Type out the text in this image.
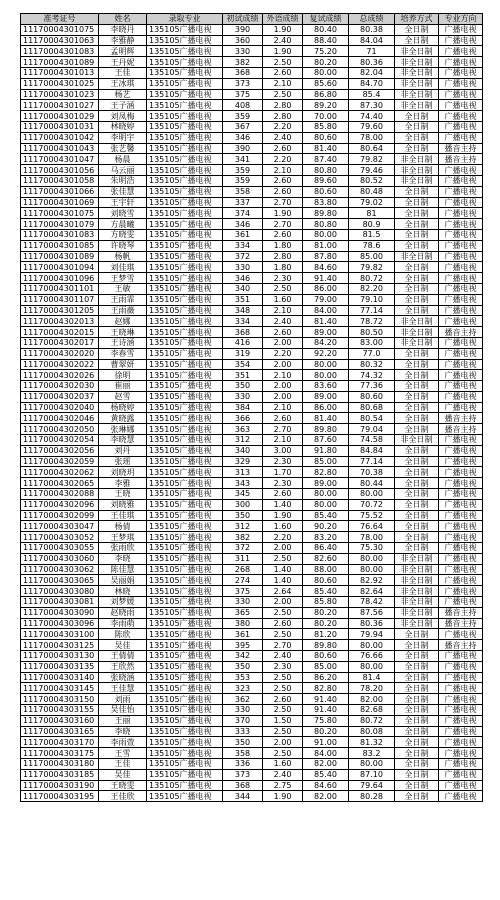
准考证号	姓名	录取专业	初试成绩	外语成绩	复试成绩	总成绩	培养方式	专业方向
11170004301075	李晓丹	135105广播电视	390	1.90	80.40	80.38	全日制	广播电视
11170004301063	李雅静	135105广播电视	360	2.40	88.40	84.04	全日制	广播电视
11170004301083	孟明辉	135105广播电视	330	1.90	75.20	71	非全日制	广播电视
11170004301089	王丹妮	135105广播电视	382	2.50	80.20	80.36	非全日制	广播电视
11170004301013	王佳	135105广播电视	368	2.60	80.00	82.04	非全日制	广播电视
11170004301025	王冰琪	135105广播电视	373	2.10	85.60	84.70	非全日制	广播电视
11170004301023	杨艺	135105广播电视	375	2.50	86.80	85.4	非全日制	广播电视
11170004301027	王子涵	135105广播电视	408	2.80	89.20	87.30	非全日制	广播电视
11170004301029	刘凤梅	135105广播电视	359	2.80	70.00	74.40	全日制	广播电视
11170004301031	林晓婷	135105广播电视	367	2.20	85.80	79.60	全日制	广播电视
11170004301042	李明宇	135105广播电视	346	2.40	80.60	78.00	全日制	广播电视
11170004301043	张艺馨	135105广播电视	390	2.60	81.40	80.64	全日制	播音主持
11170004301047	杨晨	135105广播电视	341	2.20	87.40	79.82	非全日制	播音主持
11170004301056	马云丽	135105广播电视	359	2.10	80.80	79.46	非全日制	广播电视
11170004301058	朱明浩	135105广播电视	359	2.60	89.60	80.52	非全日制	广播电视
11170004301066	张佳慧	135105广播电视	358	2.60	80.60	80.48	全日制	广播电视
11170004301069	王宇轩	135105广播电视	337	2.70	83.80	79.02	全日制	广播电视
11170004301075	刘晓雪	135105广播电视	374	1.90	89.80	81	全日制	广播电视
11170004301079	方晨曦	135105广播电视	346	2.70	80.80	80.9	全日制	广播电视
11170004301083	方晓雯	135105广播电视	361	2.60	80.00	81.5	全日制	广播电视
11170004301085	许晓琴	135105广播电视	334	1.80	81.00	78.6	全日制	广播电视
11170004301089	杨帆	135105广播电视	372	2.80	87.80	85.00	非全日制	广播电视
11170004301094	刘佳琪	135105广播电视	330	1.80	84.60	79.82	全日制	广播电视
11170004301096	王梦雪	135105广播电视	346	2.30	91.40	80.72	全日制	广播电视
11170004301101	王敏	135105广播电视	340	2.50	86.00	82.20	全日制	广播电视
11170004301107	王雨霏	135105广播电视	351	1.60	79.00	79.10	全日制	广播电视
11170004301205	王雨薇	135105广播电视	348	2.10	84.00	77.14	全日制	广播电视
11170004302013	赵娜	135105广播电视	334	2.40	81.40	78.72	非全日制	广播电视
11170004302015	王晓琳	135105广播电视	368	2.60	89.00	80.50	非全日制	播音主持
11170004302017	王诗涵	135105广播电视	416	2.00	84.20	83.00	非全日制	广播电视
11170004302020	李春雪	135105广播电视	319	2.20	92.20	77.0	全日制	广播电视
11170004302022	曹翠妍	135105广播电视	354	2.00	80.00	80.32	全日制	广播电视
11170004302026	徐明	135105广播电视	351	2.10	80.00	74.32	全日制	广播电视
11170004302030	崔丽	135105广播电视	350	2.00	83.60	77.36	全日制	广播电视
11170004302037	赵雪	135105广播电视	330	2.00	89.00	80.60	全日制	广播电视
11170004302040	杨晓婷	135105广播电视	384	2.10	86.00	80.68	全日制	广播电视
11170004302046	黄晓露	135105广播电视	366	2.60	81.40	80.54	全日制	播音主持
11170004302050	张琳娜	135105广播电视	363	2.70	89.80	79.04	全日制	播音主持
11170004302054	李晓慧	135105广播电视	312	2.10	87.60	74.58	非全日制	广播电视
11170004302056	刘丹	135105广播电视	340	3.00	91.80	84.84	全日制	广播电视
11170004302059	张瑶	135105广播电视	329	2.30	85.00	77.14	全日制	广播电视
11170004302062	刘晓玥	135105广播电视	313	1.70	82.80	70.38	全日制	广播电视
11170004302065	李雅	135105广播电视	343	2.30	89.00	80.44	全日制	广播电视
11170004302088	王晓	135105广播电视	345	2.60	80.00	80.00	全日制	广播电视
11170004302096	刘晓雅	135105广播电视	300	1.40	80.00	70.72	全日制	广播电视
11170004302099	王佳琪	135105广播电视	350	1.90	85.40	75.52	全日制	广播电视
11170004303047	杨倩	135105广播电视	312	1.60	90.20	76.64	全日制	广播电视
11170004303052	王梦琪	135105广播电视	382	2.20	83.20	78.00	全日制	广播电视
11170004303055	张雨欣	135105广播电视	372	2.00	86.40	75.30	全日制	广播电视
11170004303060	李晓	135105广播电视	311	2.50	82.60	80.00	非全日制	广播电视
11170004303062	陈佳慧	135105广播电视	268	1.40	88.00	80.00	非全日制	广播电视
11170004303065	吴丽娟	135105广播电视	274	1.40	80.60	82.92	非全日制	广播电视
11170004303080	林晓	135105广播电视	375	2.64	85.40	82.64	非全日制	广播电视
11170004303081	刘梦媛	135105广播电视	330	2.00	85.80	78.42	非全日制	广播电视
11170004303090	赵晓雨	135105广播电视	365	2.50	80.20	87.56	非全日制	播音主持
11170004303096	李雨萌	135105广播电视	380	2.60	80.20	80.36	非全日制	播音主持
11170004303100	陈欣	135105广播电视	361	2.50	81.20	79.94	全日制	广播电视
11170004303125	吴佳	135105广播电视	395	2.70	89.80	80.00	全日制	播音主持
11170004303130	王倩倩	135105广播电视	342	2.40	80.60	76.66	全日制	广播电视
11170004303135	王欣然	135105广播电视	350	2.30	85.00	80.00	全日制	广播电视
11170004303140	张晓涵	135105广播电视	353	2.50	86.20	81.4	全日制	广播电视
11170004303145	王佳慧	135105广播电视	323	2.50	82.80	78.20	全日制	广播电视
11170004303150	刘雨	135105广播电视	362	2.60	91.40	82.00	全日制	广播电视
11170004303155	吴佳怡	135105广播电视	330	2.50	91.40	82.68	全日制	广播电视
11170004303160	王丽	135105广播电视	370	1.50	75.80	80.72	全日制	广播电视
11170004303165	李晓	135105广播电视	333	2.50	80.20	80.08	全日制	广播电视
11170004303170	李雨萱	135105广播电视	350	2.00	91.00	81.32	全日制	广播电视
11170004303175	王雪	135105广播电视	358	2.50	84.00	83.2	全日制	广播电视
11170004303180	王佳	135105广播电视	336	1.60	82.00	80.00	全日制	广播电视
11170004303185	吴佳	135105广播电视	373	2.40	85.40	87.10	全日制	广播电视
11170004303190	王晓雯	135105广播电视	368	2.75	84.60	79.64	全日制	广播电视
11170004303195	王佳欣	135105广播电视	344	1.90	82.00	80.28	全日制	广播电视
